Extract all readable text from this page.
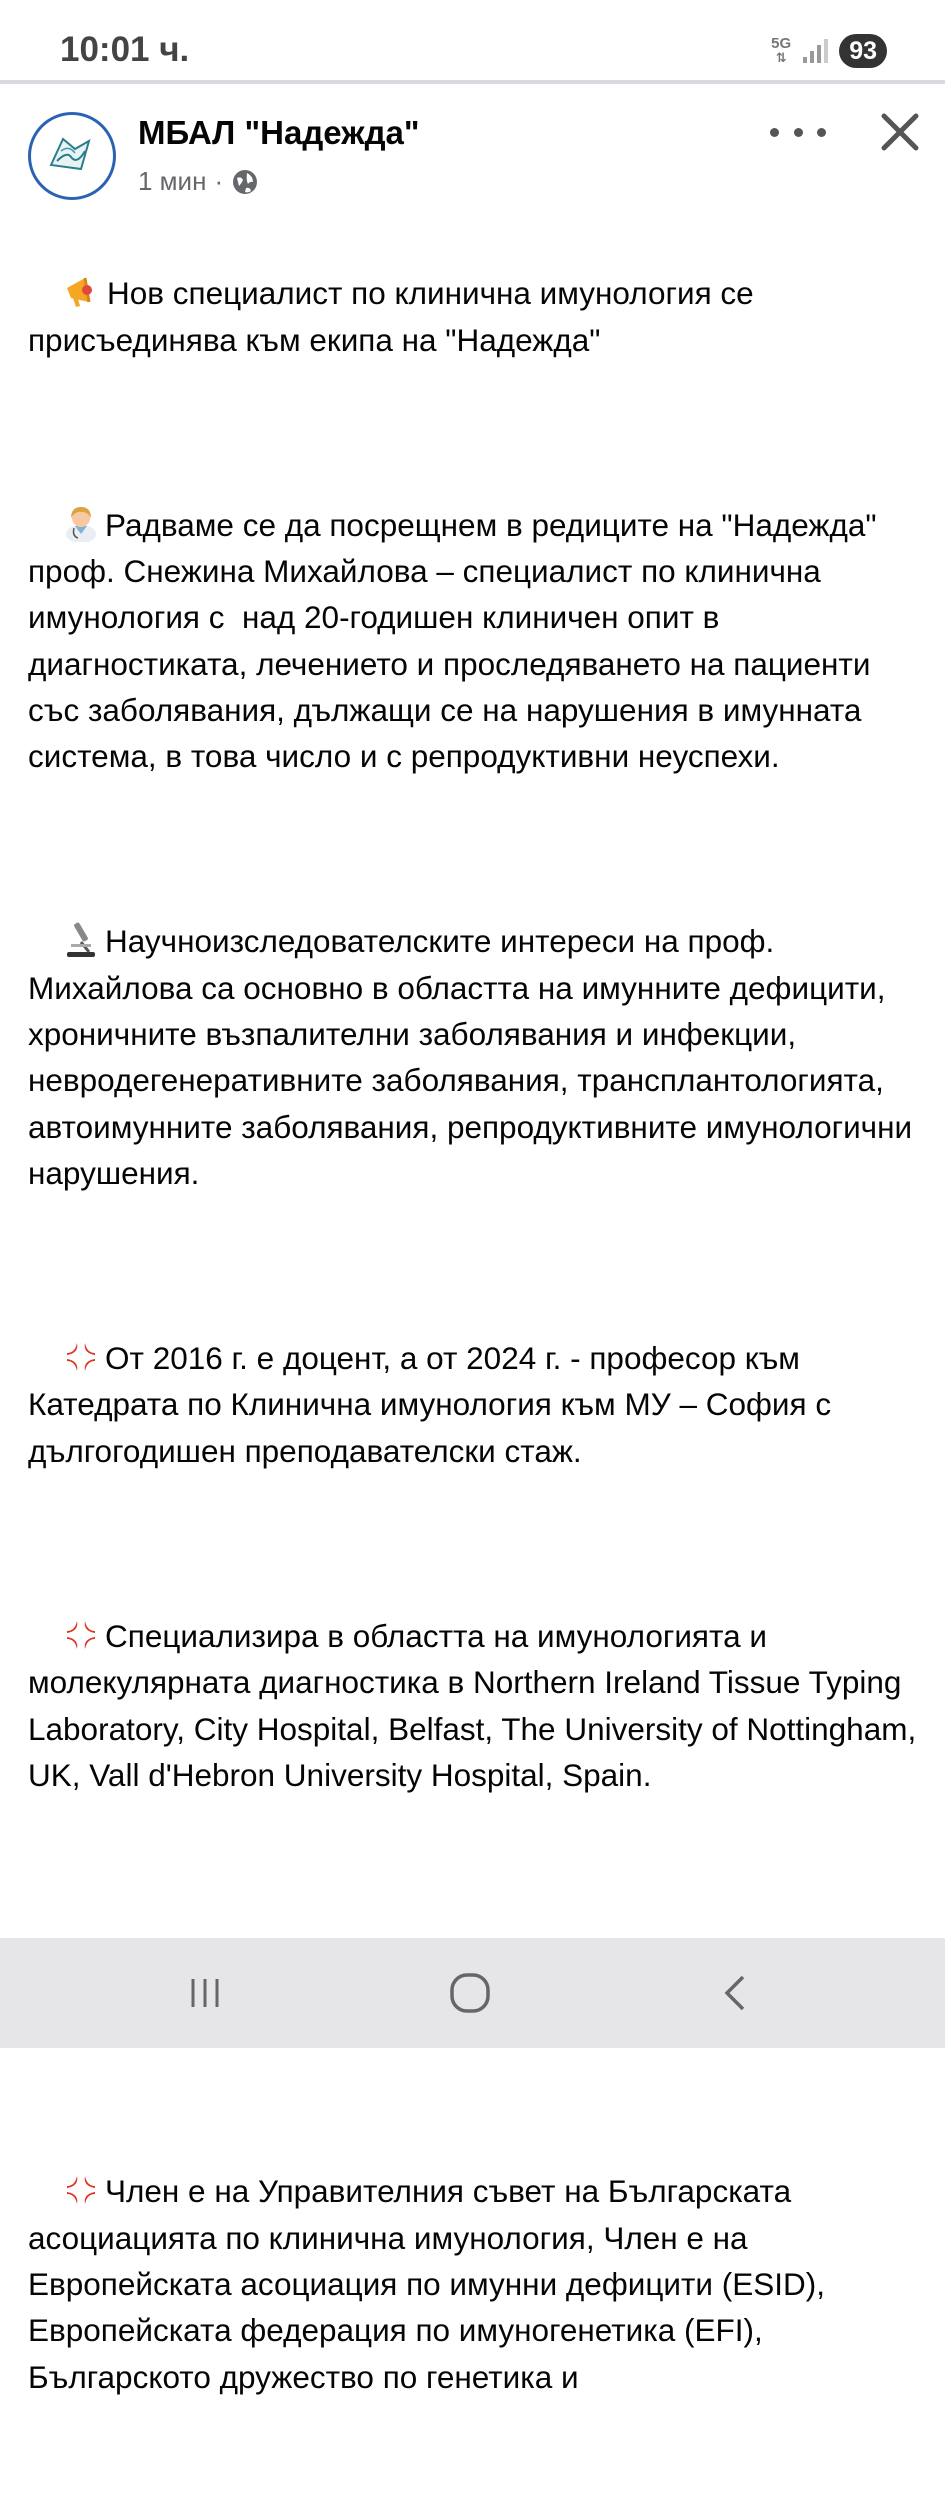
10:01 ч.	5G
⇅	93
МБАЛ "Надежда"
1 мин ·

Нов специалист по клинична имунология се присъединява към екипа на "Надежда"

Радваме се да посрещнем в редиците на "Надежда" проф. Снежина Михайлова – специалист по клинична имунология с  над 20-годишен клиничен опит в диагностиката, лечението и проследяването на пациенти със заболявания, дължащи се на нарушения в имунната система, в това число и с репродуктивни неуспехи.

Научноизследователските интереси на проф. Михайлова са основно в областта на имунните дефицити, хроничните възпалителни заболявания и инфекции, невродегенеративните заболявания, трансплантологията, автоимунните заболявания, репродуктивните имунологични нарушения.

От 2016 г. е доцент, а от 2024 г. - професор към Катедрата по Клинична имунология към МУ – София с дългогодишен преподавателски стаж.

Специализира в областта на имунологията и молекулярната диагностика в Northern Ireland Tissue Typing Laboratory, City Hospital, Belfast, The University of Nottingham, UK, Vall d'Hebron University Hospital, Spain.

Член е на Управителния съвет на Българската асоциацията по клинична имунология, Член е на Европейската асоциация по имунни дефицити (ESID), Европейската федерация по имуногенетика (EFI), Българското дружество по генетика и
